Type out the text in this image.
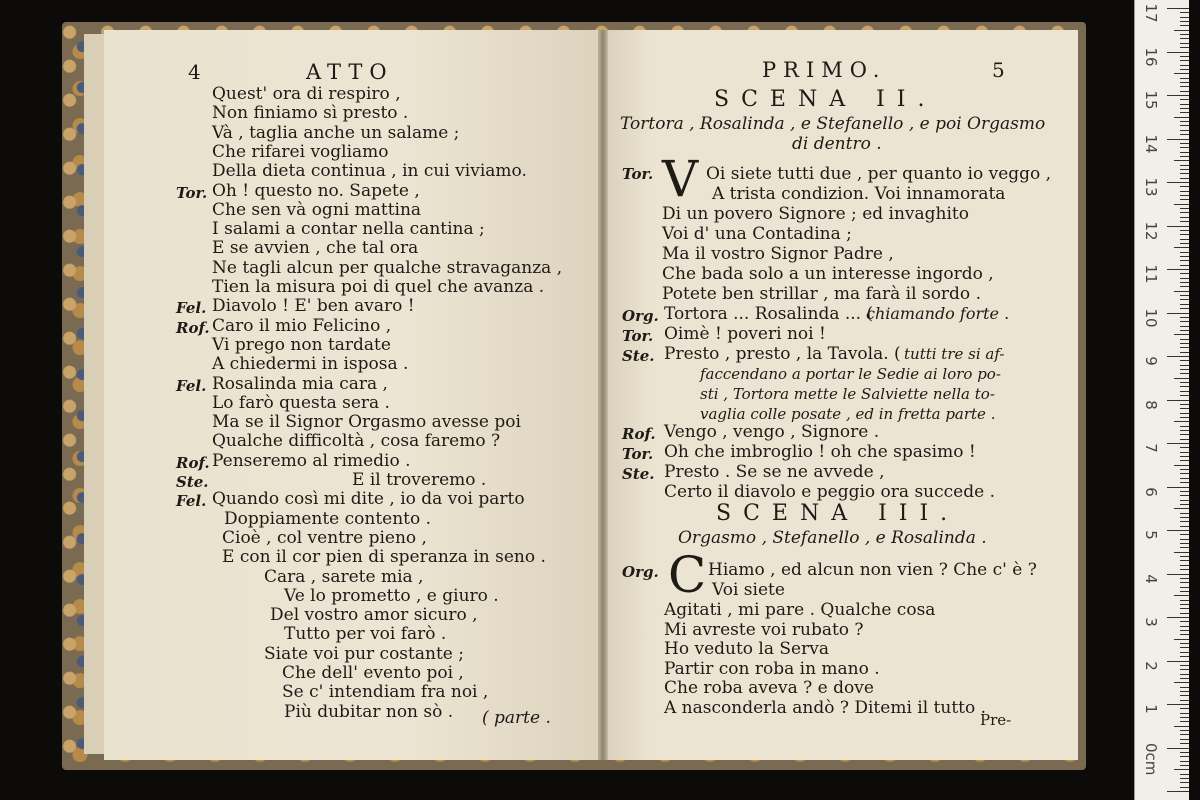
17
16
15
14
13
12
11
10
9
8
7
6
5
4
3
2
1
0cm
4	ATTO
Quest' ora di respiro ,
Non finiamo sì presto .
Và , taglia anche un salame ;
Che rifarei vogliamo
Della dieta continua , in cui viviamo.
Tor. Oh ! questo no. Sapete ,
Che sen và ogni mattina
I salami a contar nella cantina ;
E se avvien , che tal ora
Ne tagli alcun per qualche stravaganza ,
Tien la misura poi di quel che avanza .
Fel. Diavolo ! E' ben avaro !
Rof. Caro il mio Felicino ,
Vi prego non tardate
A chiedermi in isposa .
Fel. Rosalinda mia cara ,
Lo farò questa sera .
Ma se il Signor Orgasmo avesse poi
Qualche difficoltà , cosa faremo ?
Rof. Penseremo al rimedio .
Ste.	E il troveremo .
Fel. Quando così mi dite , io da voi parto
Doppiamente contento .
Cioè , col ventre pieno ,
E con il cor pien di speranza in seno .
Cara , sarete mia ,
Ve lo prometto , e giuro .
Del vostro amor sicuro ,
Tutto per voi farò .
Siate voi pur costante ;
Che dell' evento poi ,
Se c' intendiam fra noi ,
Più dubitar non sò . ( parte .
PRIMO.	5
SCENA II.
Tortora , Rosalinda , e Stefanello , e poi Orgasmo
di dentro .
Tor. V Oi siete tutti due , per quanto io veggo ,
A trista condizion. Voi innamorata
Di un povero Signore ; ed invaghito
Voi d' una Contadina ;
Ma il vostro Signor Padre ,
Che bada solo a un interesse ingordo ,
Potete ben strillar , ma farà il sordo .
Org. Tortora ... Rosalinda ... (
chiamando forte .
Tor. Oimè ! poveri noi !
Ste. Presto , presto , la Tavola. ( tutti tre si af-
faccendano a portar le Sedie ai loro po-
sti , Tortora mette le Salviette nella to-
vaglia colle posate , ed in fretta parte .
Rof. Vengo , vengo , Signore .
Tor. Oh che imbroglio ! oh che spasimo !
Ste. Presto . Se se ne avvede ,
Certo il diavolo e peggio ora succede .
SCENA III.
Orgasmo , Stefanello , e Rosalinda .
Org. C Hiamo , ed alcun non vien ? Che c' è ?
Voi siete
Agitati , mi pare . Qualche cosa
Mi avreste voi rubato ?
Ho veduto la Serva
Partir con roba in mano .
Che roba aveva ? e dove
A nasconderla andò ? Ditemi il tutto .
Pre-
